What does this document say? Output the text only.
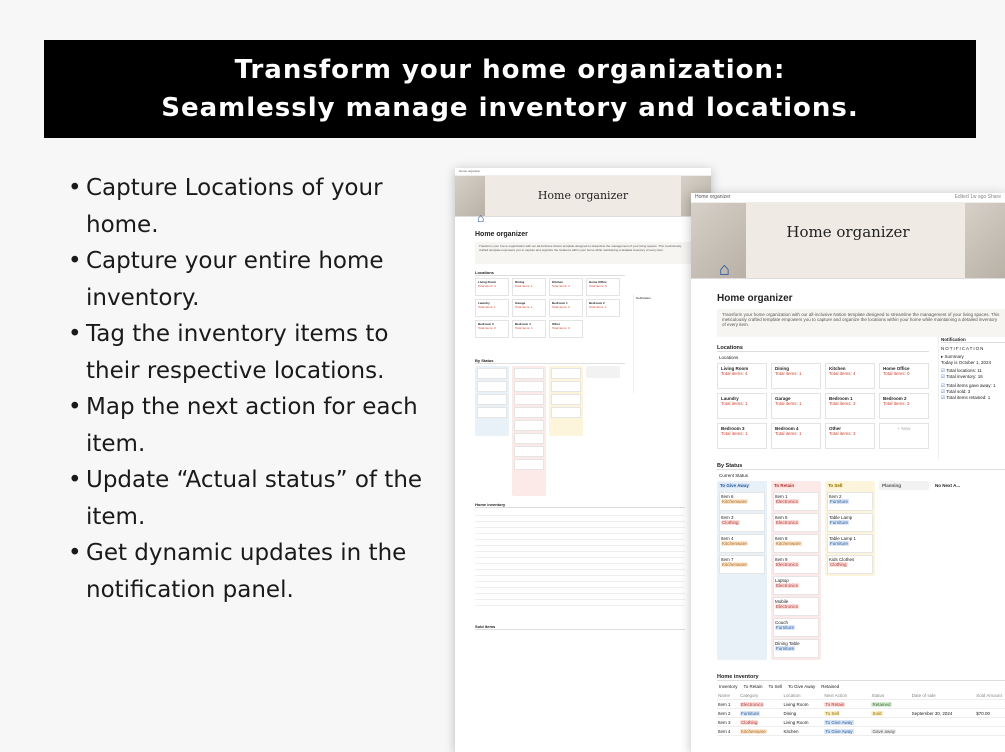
Transform your home organization:
Seamlessly manage inventory and locations.
• Capture Locations of your home.
• Capture your entire home inventory.
• Tag the inventory items to their respective locations.
• Map the next action for each item.
• Update “Actual status” of the item.
• Get dynamic updates in the notification panel.
Home organizer
Home organizer
⌂
Home organizer
Transform your home organization with our all-inclusive Notion template designed to streamline the management of your living spaces. This meticulously crafted template empowers you to capture and organize the locations within your home while maintaining a detailed inventory of every item.
Locations
Living Room
Total items: 4
Dining
Total items: 1
Kitchen
Total items: 4
Home Office
Total items: 0
Laundry
Total items: 1
Garage
Total items: 1
Bedroom 1
Total items: 3
Bedroom 2
Total items: 1
Bedroom 3
Total items: 0
Bedroom 4
Total items: 1
Other
Total items: 3
Notification
By Status
Home inventory

Sold items
Home organizer	Edited 1w ago Share
Home organizer
⌂
Home organizer
Transform your home organization with our all-inclusive Notion template designed to streamline the management of your living spaces. This meticulously crafted template empowers you to capture and organize the locations within your home while maintaining a detailed inventory of every item.
Locations
Locations
Living Room
Total items: 4
Dining
Total items: 1
Kitchen
Total items: 4
Home Office
Total items: 0
Laundry
Total items: 1
Garage
Total items: 1
Bedroom 1
Total items: 3
Bedroom 2
Total items: 3
Bedroom 3
Total items: 1
Bedroom 4
Total items: 1
Other
Total items: 3
+ New
Notification
NOTIFICATION
▸ Summary
Today is October 1, 2024
☑ Total locations: 11
☑ Total inventory: 16
☑ Total items gave away: 1
☑ Total sold: 3
☑ Total items retained: 1
By Status
Current Status
To Give Away
Item 6
Kitchenware
Item 3
Clothing
Item 4
Kitchenware
Item 7
Kitchenware
To Retain
Item 1
Electronics
Item 5
Electronics
Item 8
Kitchenware
Item 9
Electronics
Laptop
Electronics
Mobile
Electronics
Couch
Furniture
Dining Table
Furniture
To Sell
Item 2
Furniture
Table Lamp
Furniture
Table Lamp 1
Furniture
Kids Clothes
Clothing
Planning	No Next A...
Home inventory
Inventory To Retain To Sell To Give Away Retained
Name	Category	Location	Next Action	Status	Date of sale	Sold Amount
Item 1	Electronics	Living Room	To Retain	Retained		
Item 2	Furniture	Dining	To Sell	Sold	September 30, 2024	$70.00
Item 3	Clothing	Living Room	To Give Away			
Item 4	Kitchenware	Kitchen	To Give Away	Gave away		
